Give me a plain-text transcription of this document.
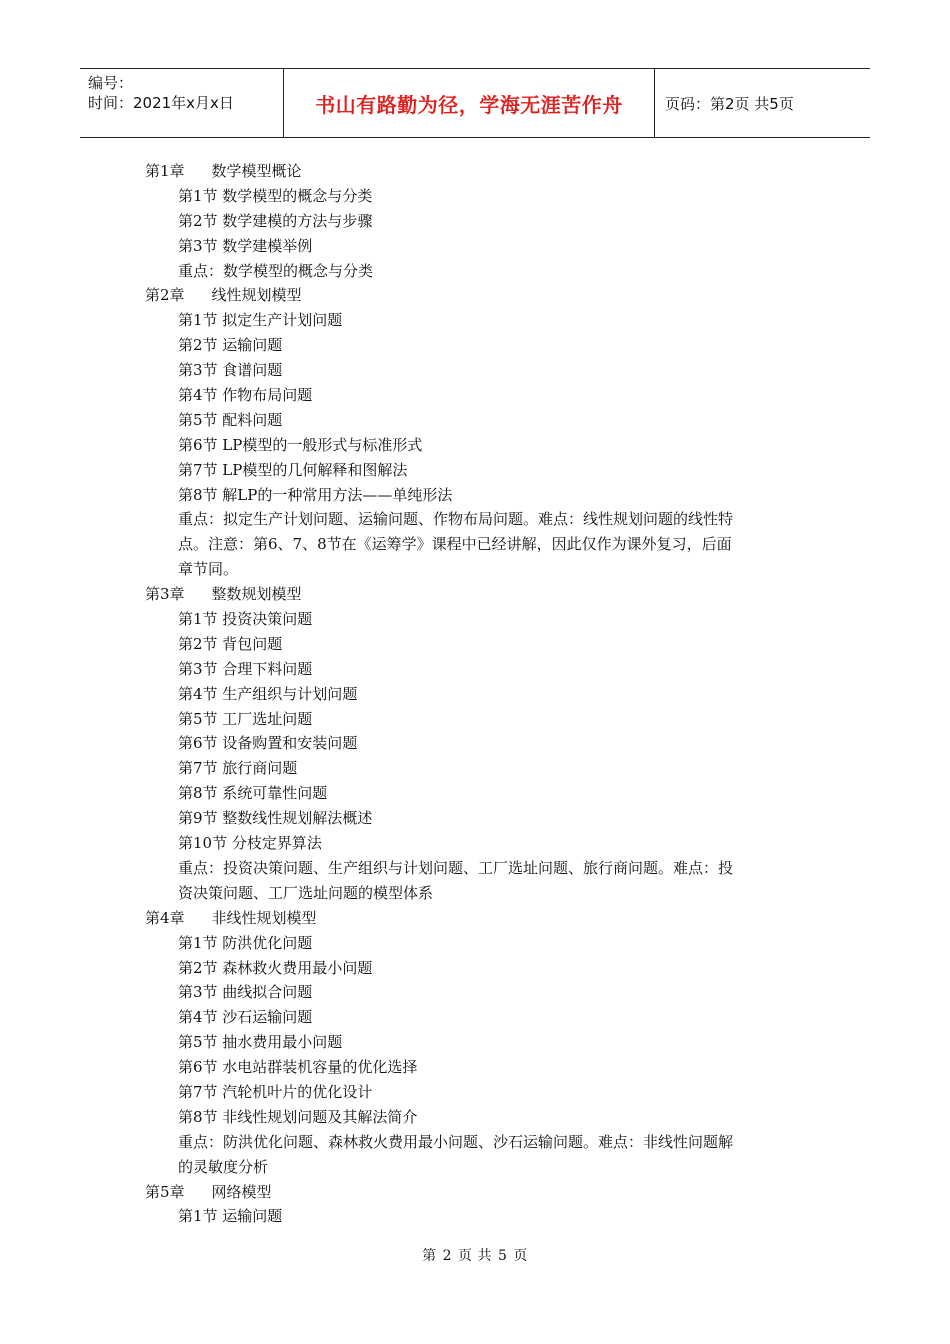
编号：
时间：2021年x月x日	书山有路勤为径，学海无涯苦作舟	页码：第2页 共5页
第1章 数学模型概论
第1节 数学模型的概念与分类
第2节 数学建模的方法与步骤
第3节 数学建模举例
重点：数学模型的概念与分类
第2章 线性规划模型
第1节 拟定生产计划问题
第2节 运输问题
第3节 食谱问题
第4节 作物布局问题
第5节 配料问题
第6节 LP模型的一般形式与标准形式
第7节 LP模型的几何解释和图解法
第8节 解LP的一种常用方法——单纯形法
重点：拟定生产计划问题、运输问题、作物布局问题。难点：线性规划问题的线性特
点。注意：第6、7、8节在《运筹学》课程中已经讲解，因此仅作为课外复习，后面
章节同。
第3章 整数规划模型
第1节 投资决策问题
第2节 背包问题
第3节 合理下料问题
第4节 生产组织与计划问题
第5节 工厂选址问题
第6节 设备购置和安装问题
第7节 旅行商问题
第8节 系统可靠性问题
第9节 整数线性规划解法概述
第10节 分枝定界算法
重点：投资决策问题、生产组织与计划问题、工厂选址问题、旅行商问题。难点：投
资决策问题、工厂选址问题的模型体系
第4章 非线性规划模型
第1节 防洪优化问题
第2节 森林救火费用最小问题
第3节 曲线拟合问题
第4节 沙石运输问题
第5节 抽水费用最小问题
第6节 水电站群装机容量的优化选择
第7节 汽轮机叶片的优化设计
第8节 非线性规划问题及其解法简介
重点：防洪优化问题、森林救火费用最小问题、沙石运输问题。难点：非线性问题解
的灵敏度分析
第5章 网络模型
第1节 运输问题
第 2 页 共 5 页
